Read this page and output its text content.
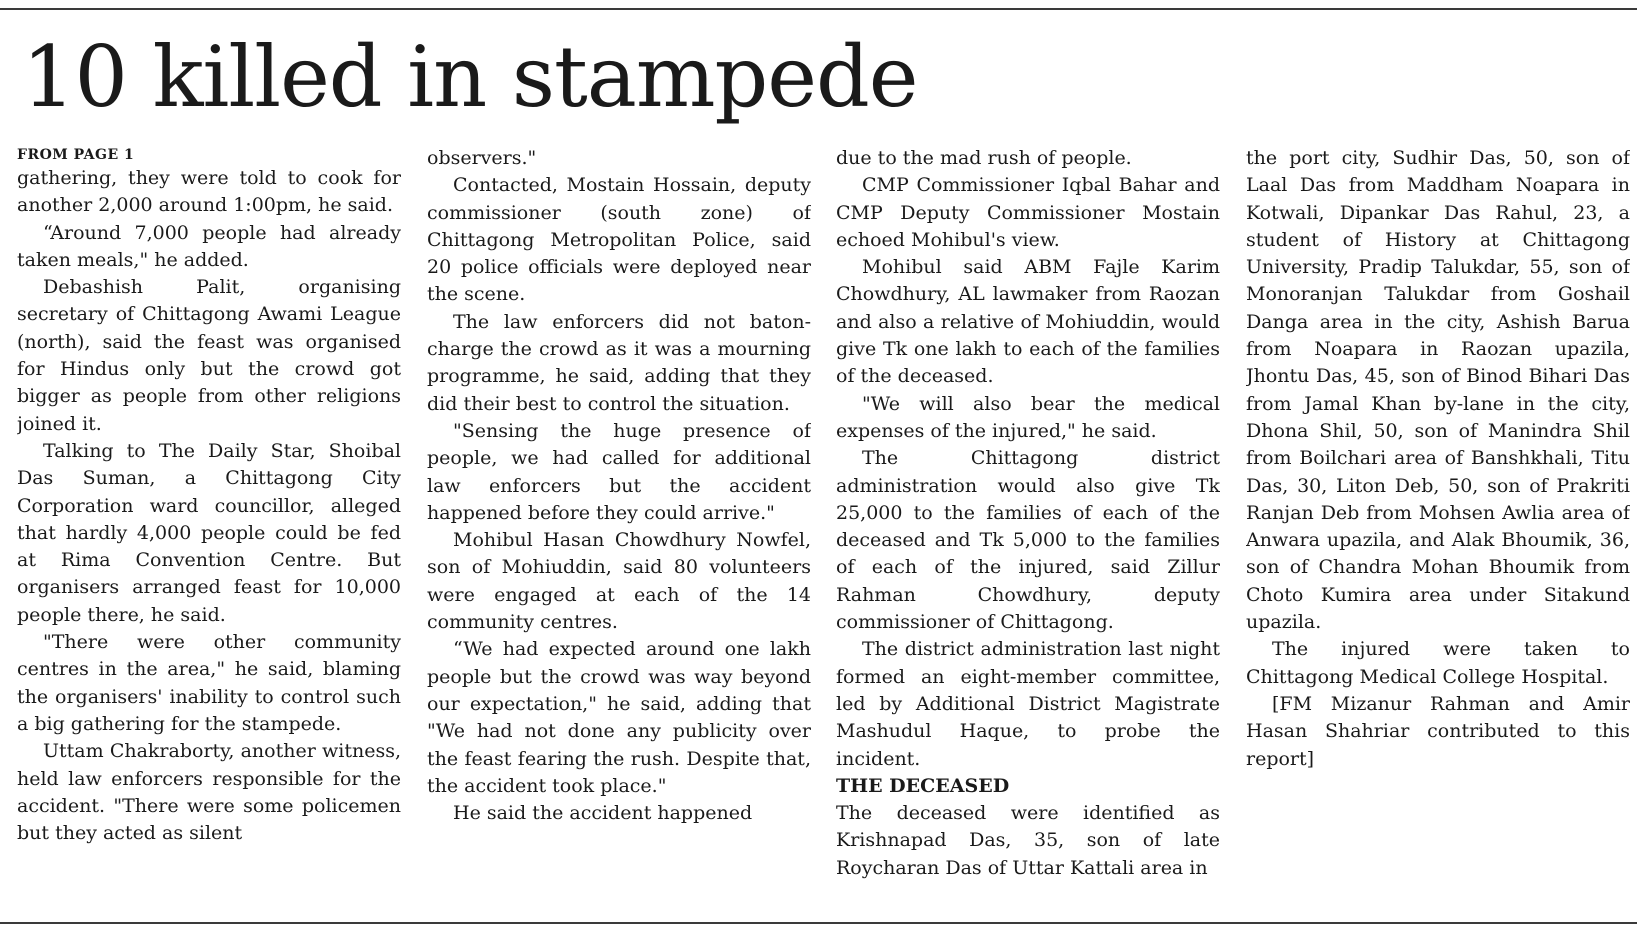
10 killed in stampede
FROM PAGE 1

gathering, they were told to cook for another 2,000 around 1:00pm, he said.

“Around 7,000 people had already taken meals," he added.

Debashish Palit, organising secretary of Chittagong Awami League (north), said the feast was organised for Hindus only but the crowd got bigger as people from other religions joined it.

Talking to The Daily Star, Shoibal Das Suman, a Chittagong City Corporation ward councillor, alleged that hardly 4,000 people could be fed at Rima Convention Centre. But organisers arranged feast for 10,000 people there, he said.

"There were other community centres in the area," he said, blaming the organisers' inability to control such a big gathering for the stampede.

Uttam Chakraborty, another witness, held law enforcers responsible for the accident. "There were some policemen but they acted as silent

observers."

Contacted, Mostain Hossain, deputy commissioner (south zone) of Chittagong Metropolitan Police, said 20 police officials were deployed near the scene.

The law enforcers did not baton-charge the crowd as it was a mourning programme, he said, adding that they did their best to control the situation.

"Sensing the huge presence of people, we had called for additional law enforcers but the accident happened before they could arrive."

Mohibul Hasan Chowdhury Nowfel, son of Mohiuddin, said 80 volunteers were engaged at each of the 14 community centres.

“We had expected around one lakh people but the crowd was way beyond our expectation," he said, adding that "We had not done any publicity over the feast fearing the rush. Despite that, the accident took place."

He said the accident happened

due to the mad rush of people.

CMP Commissioner Iqbal Bahar and CMP Deputy Commissioner Mostain echoed Mohibul's view.

Mohibul said ABM Fajle Karim Chowdhury, AL lawmaker from Raozan and also a relative of Mohiuddin, would give Tk one lakh to each of the families of the deceased.

"We will also bear the medical expenses of the injured," he said.

The Chittagong district administration would also give Tk 25,000 to the families of each of the deceased and Tk 5,000 to the families of each of the injured, said Zillur Rahman Chowdhury, deputy commissioner of Chittagong.

The district administration last night formed an eight-member committee, led by Additional District Magistrate Mashudul Haque, to probe the incident.

THE DECEASED

The deceased were identified as Krishnapad Das, 35, son of late Roycharan Das of Uttar Kattali area in

the port city, Sudhir Das, 50, son of Laal Das from Maddham Noapara in Kotwali, Dipankar Das Rahul, 23, a student of History at Chittagong University, Pradip Talukdar, 55, son of Monoranjan Talukdar from Goshail Danga area in the city, Ashish Barua from Noapara in Raozan upazila, Jhontu Das, 45, son of Binod Bihari Das from Jamal Khan by-lane in the city, Dhona Shil, 50, son of Manindra Shil from Boilchari area of Banshkhali, Titu Das, 30, Liton Deb, 50, son of Prakriti Ranjan Deb from Mohsen Awlia area of Anwara upazila, and Alak Bhoumik, 36, son of Chandra Mohan Bhoumik from Choto Kumira area under Sitakund upazila.

The injured were taken to Chittagong Medical College Hospital.

[FM Mizanur Rahman and Amir Hasan Shahriar contributed to this report]
